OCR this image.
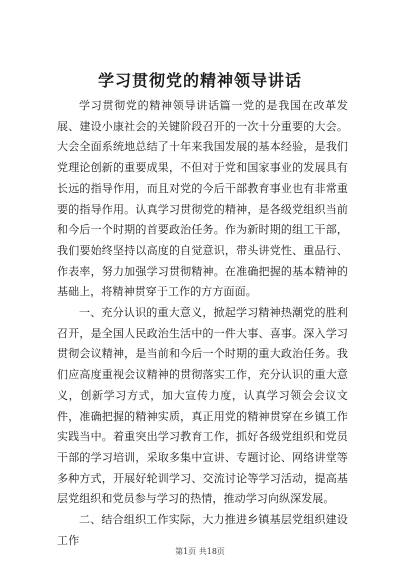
学习贯彻党的精神领导讲话

学习贯彻党的精神领导讲话篇一党的是我国在改革发展、建设小康社会的关键阶段召开的一次十分重要的大会。大会全面系统地总结了十年来我国发展的基本经验，是我们党理论创新的重要成果，不但对于党和国家事业的发展具有长远的指导作用，而且对党的今后干部教育事业也有非常重要的指导作用。认真学习贯彻党的精神，是各级党组织当前和今后一个时期的首要政治任务。作为新时期的组工干部，我们要始终坚持以高度的自觉意识，带头讲党性、重品行、作表率，努力加强学习贯彻精神。在准确把握的基本精神的基础上，将精神贯穿于工作的方方面面。

一、充分认识的重大意义，掀起学习精神热潮党的胜利召开，是全国人民政治生活中的一件大事、喜事。深入学习贯彻会议精神，是当前和今后一个时期的重大政治任务。我们应高度重视会议精神的贯彻落实工作，充分认识的重大意义，创新学习方式，加大宣传力度，认真学习领会会议文件，准确把握的精神实质，真正用党的精神贯穿在乡镇工作实践当中。着重突出学习教育工作，抓好各级党组织和党员干部的学习培训，采取多集中宣讲、专题讨论、网络讲堂等多种方式，开展好轮训学习、交流讨论等学习活动，提高基层党组织和党员参与学习的热情，推动学习向纵深发展。

二、结合组织工作实际，大力推进乡镇基层党组织建设工作

第1页 共18页
